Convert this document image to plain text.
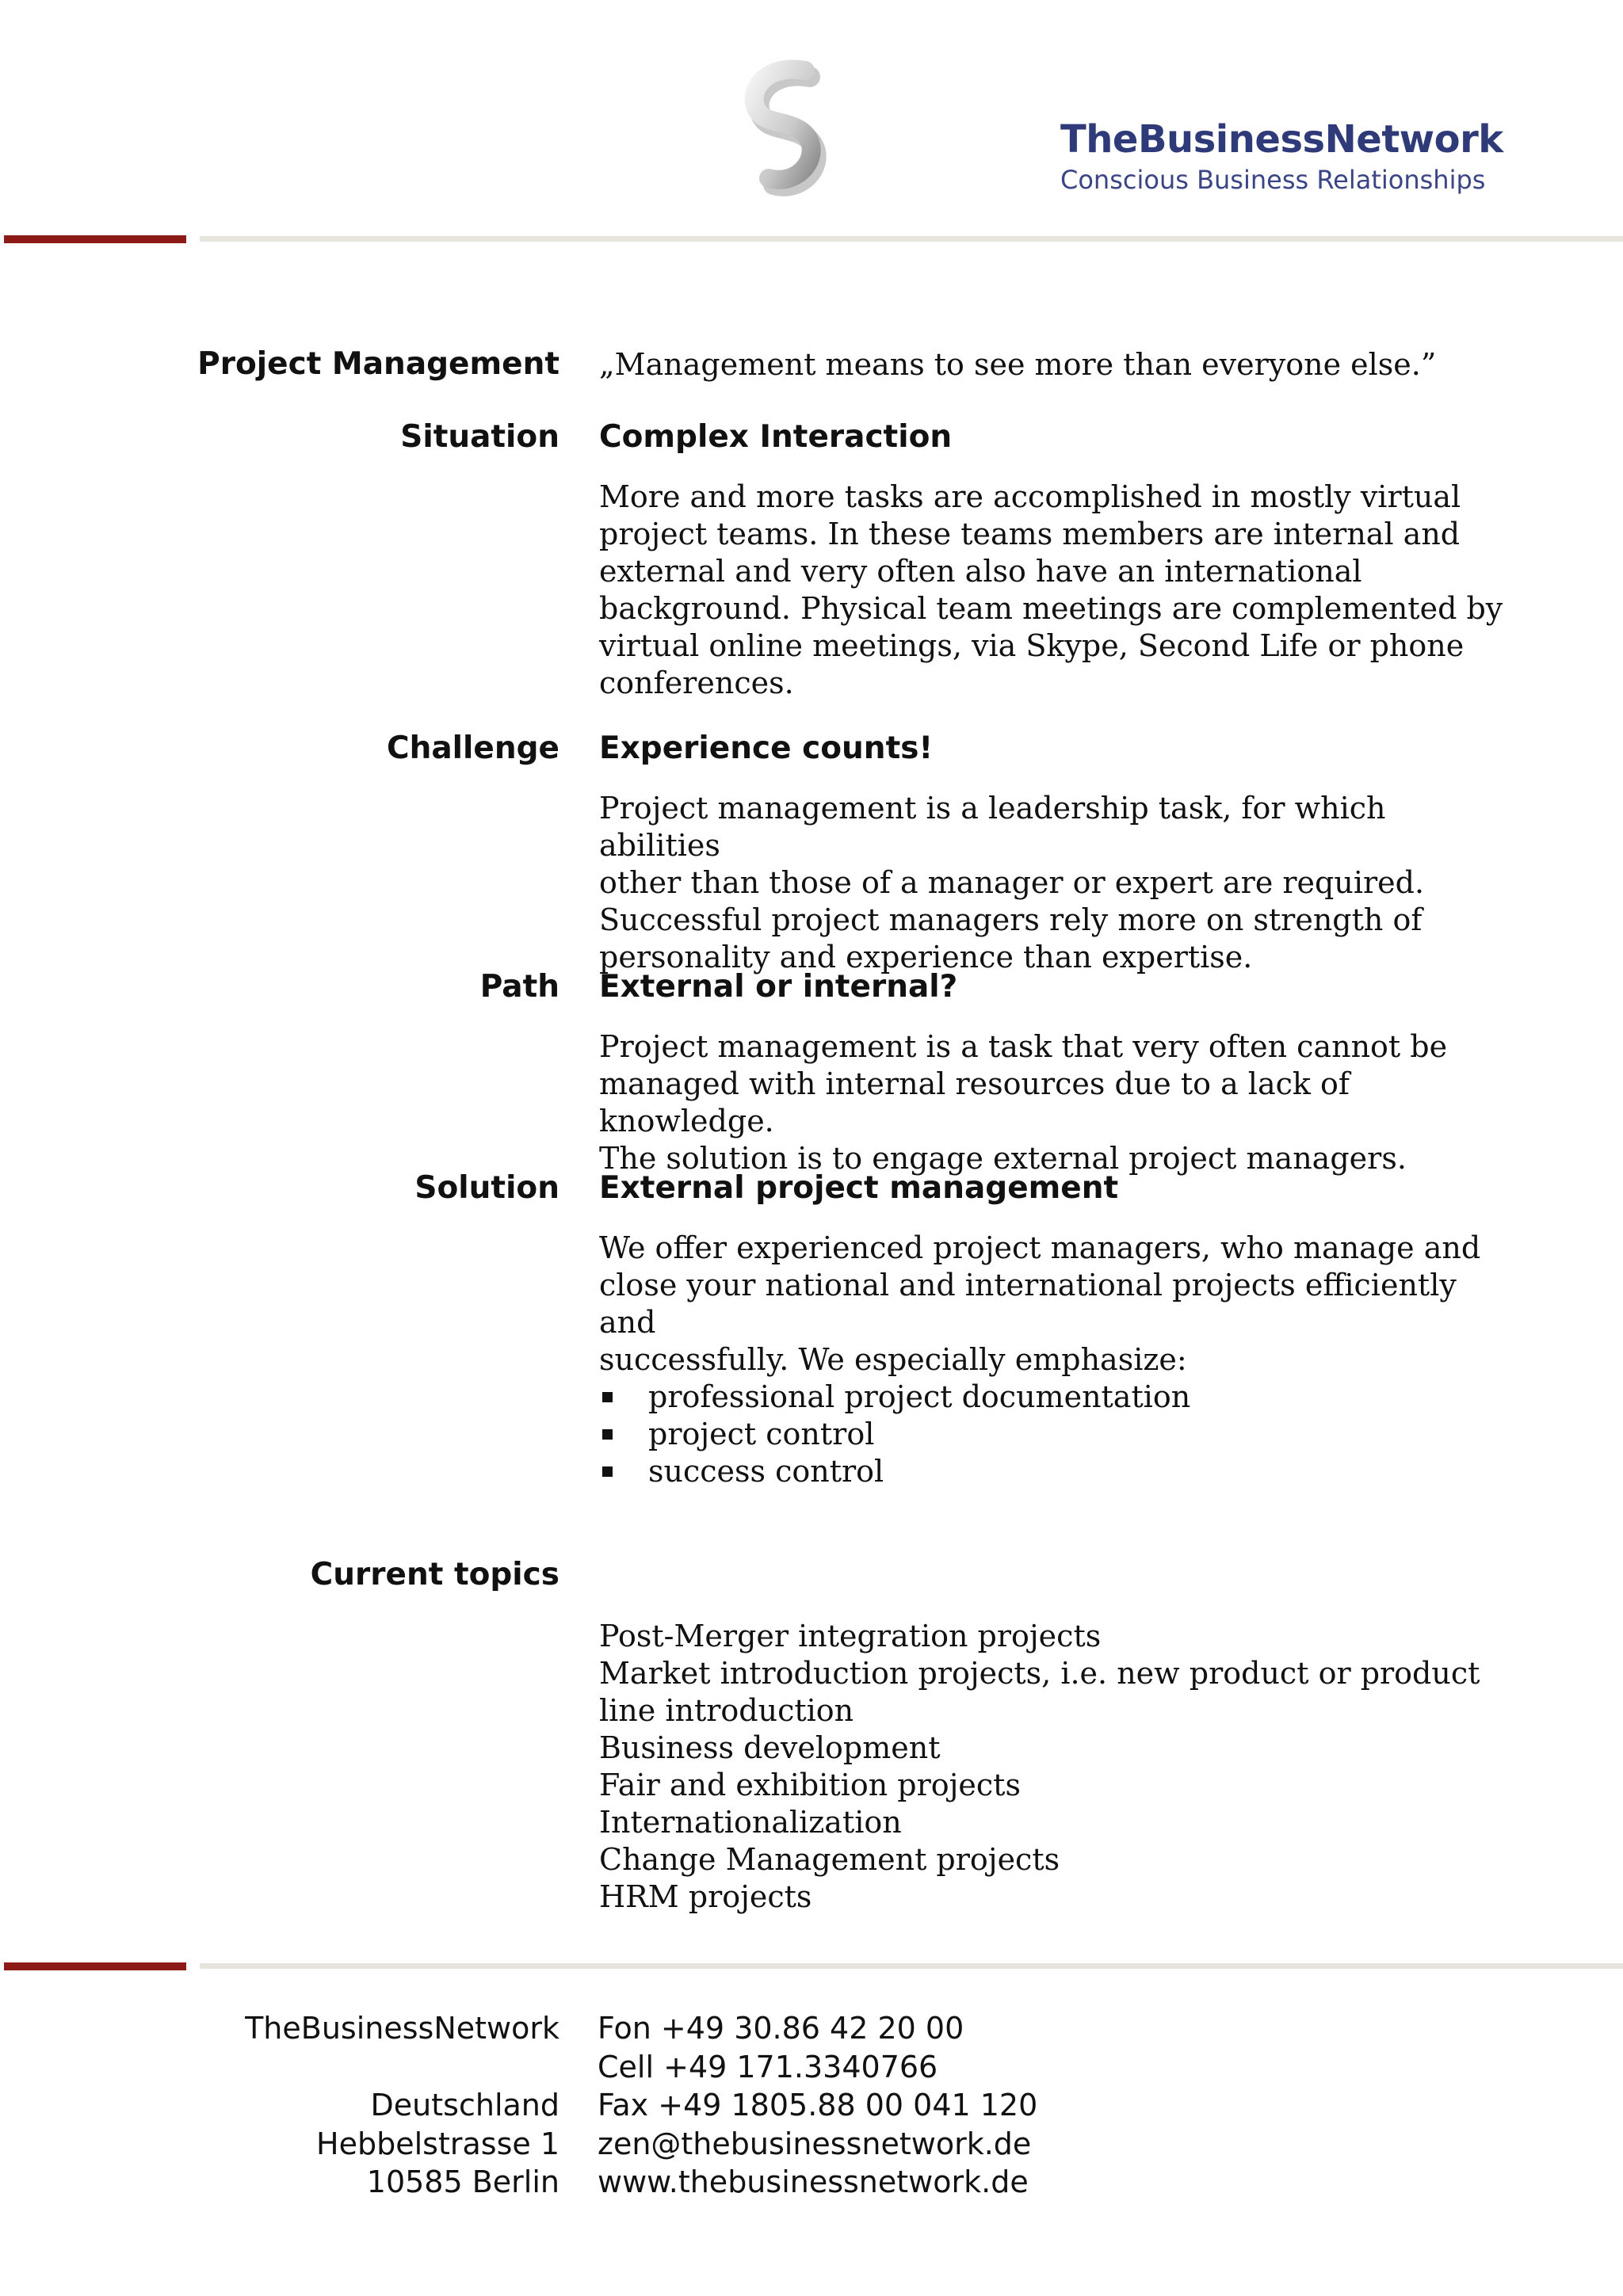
TheBusinessNetwork
Conscious Business Relationships
Project Management „Management means to see more than everyone else.”
Situation Complex Interaction

More and more tasks are accomplished in mostly virtual

project teams. In these teams members are internal and

external and very often also have an international

background. Physical team meetings are complemented by

virtual online meetings, via Skype, Second Life or phone

conferences.

Challenge Experience counts!

Project management is a leadership task, for which abilities

other than those of a manager or expert are required.

Successful project managers rely more on strength of

personality and experience than expertise.

Path External or internal?

Project management is a task that very often cannot be

managed with internal resources due to a lack of knowledge.

The solution is to engage external project managers.

Solution External project management

We offer experienced project managers, who manage and

close your national and international projects efficiently and

successfully. We especially emphasize:

professional project documentation
project control
success control
Current topics
Post-Merger integration projects
Market introduction projects, i.e. new product or product
line introduction
Business development
Fair and exhibition projects
Internationalization
Change Management projects
HRM projects
TheBusinessNetwork
Deutschland
Hebbelstrasse 1
10585 Berlin
Fon +49 30.86 42 20 00
Cell +49 171.3340766
Fax +49 1805.88 00 041 120
zen@thebusinessnetwork.de
www.thebusinessnetwork.de
